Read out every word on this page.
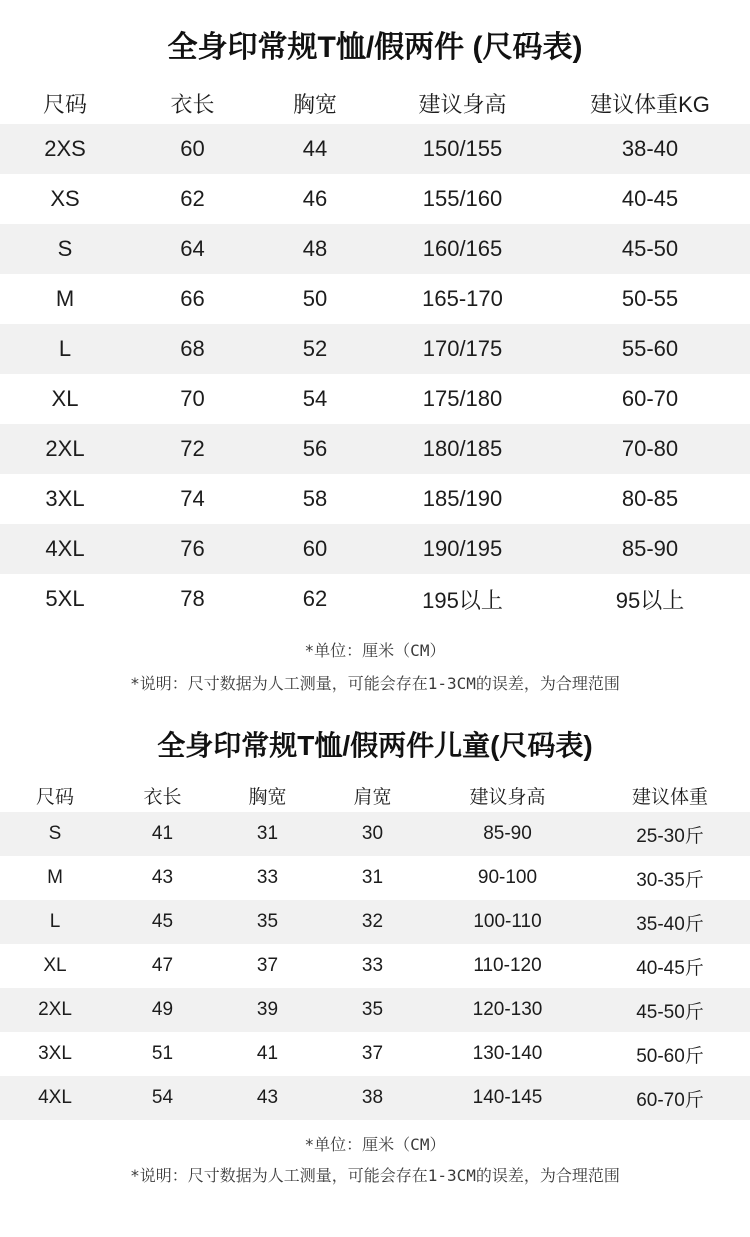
全身印常规T恤/假两件 (尺码表)
尺码	衣长	胸宽	建议身高	建议体重KG
2XS	60	44	150/155	38-40
XS	62	46	155/160	40-45
S	64	48	160/165	45-50
M	66	50	165-170	50-55
L	68	52	170/175	55-60
XL	70	54	175/180	60-70
2XL	72	56	180/185	70-80
3XL	74	58	185/190	80-85
4XL	76	60	190/195	85-90
5XL	78	62	195以上	95以上
*单位：厘米（CM）
*说明：尺寸数据为人工测量，可能会存在1-3CM的误差，为合理范围
全身印常规T恤/假两件儿童(尺码表)
尺码	衣长	胸宽	肩宽	建议身高	建议体重
S	41	31	30	85-90	25-30斤
M	43	33	31	90-100	30-35斤
L	45	35	32	100-110	35-40斤
XL	47	37	33	110-120	40-45斤
2XL	49	39	35	120-130	45-50斤
3XL	51	41	37	130-140	50-60斤
4XL	54	43	38	140-145	60-70斤
*单位：厘米（CM）
*说明：尺寸数据为人工测量，可能会存在1-3CM的误差，为合理范围
